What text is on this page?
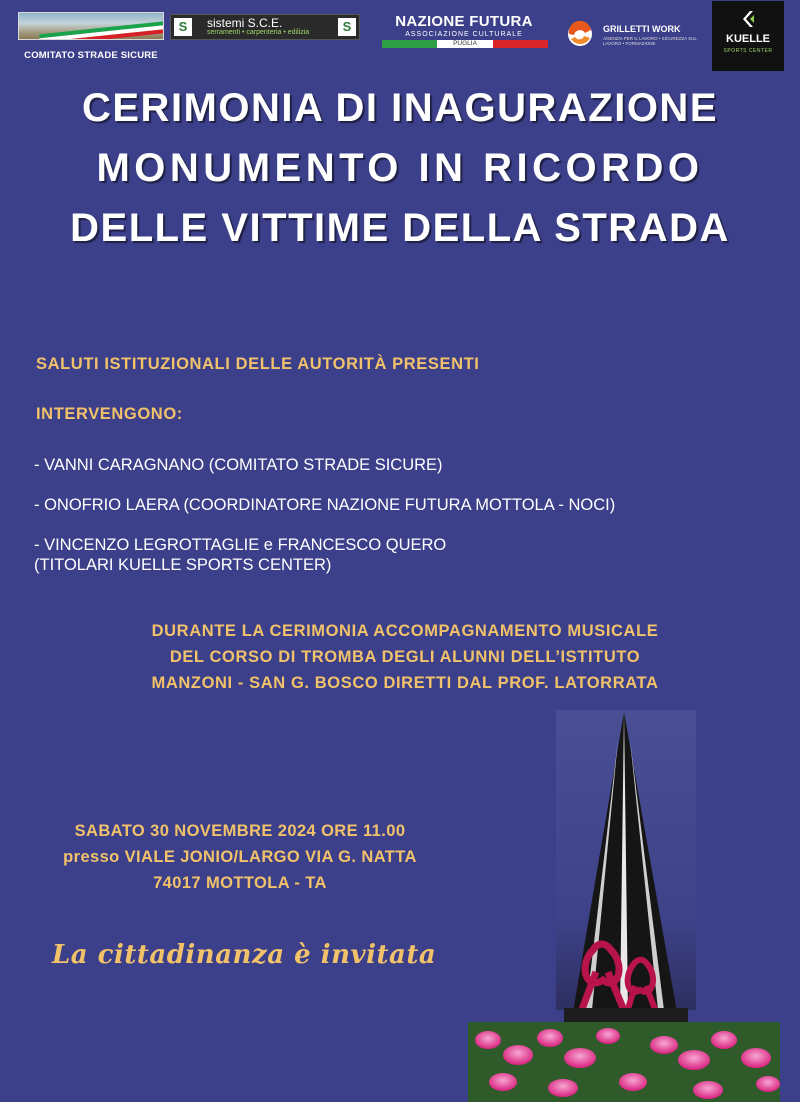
COMITATO STRADE SICURE
S	sistemi S.C.E.
serramenti • carpenteria • edilizia	S	NAZIONE FUTURA
ASSOCIAZIONE CULTURALE
PUGLIA
GRILLETTI WORK
AGENZIA PER IL LAVORO • SICUREZZA SUL LAVORO • FORMAZIONE	KUELLE
SPORTS CENTER
CERIMONIA DI INAGURAZIONE
MONUMENTO IN RICORDO
DELLE VITTIME DELLA STRADA
SALUTI ISTITUZIONALI DELLE AUTORITÀ PRESENTI
INTERVENGONO:
- VANNI CARAGNANO (COMITATO STRADE SICURE)
- ONOFRIO LAERA (COORDINATORE NAZIONE FUTURA MOTTOLA - NOCI)
- VINCENZO LEGROTTAGLIE e FRANCESCO QUERO
(TITOLARI KUELLE SPORTS CENTER)
DURANTE LA CERIMONIA ACCOMPAGNAMENTO MUSICALE
DEL CORSO DI TROMBA DEGLI ALUNNI DELL’ISTITUTO
MANZONI - SAN G. BOSCO DIRETTI DAL PROF. LATORRATA
SABATO 30 NOVEMBRE 2024 ORE 11.00
presso VIALE JONIO/LARGO VIA G. NATTA
74017 MOTTOLA - TA
La cittadinanza è invitata
